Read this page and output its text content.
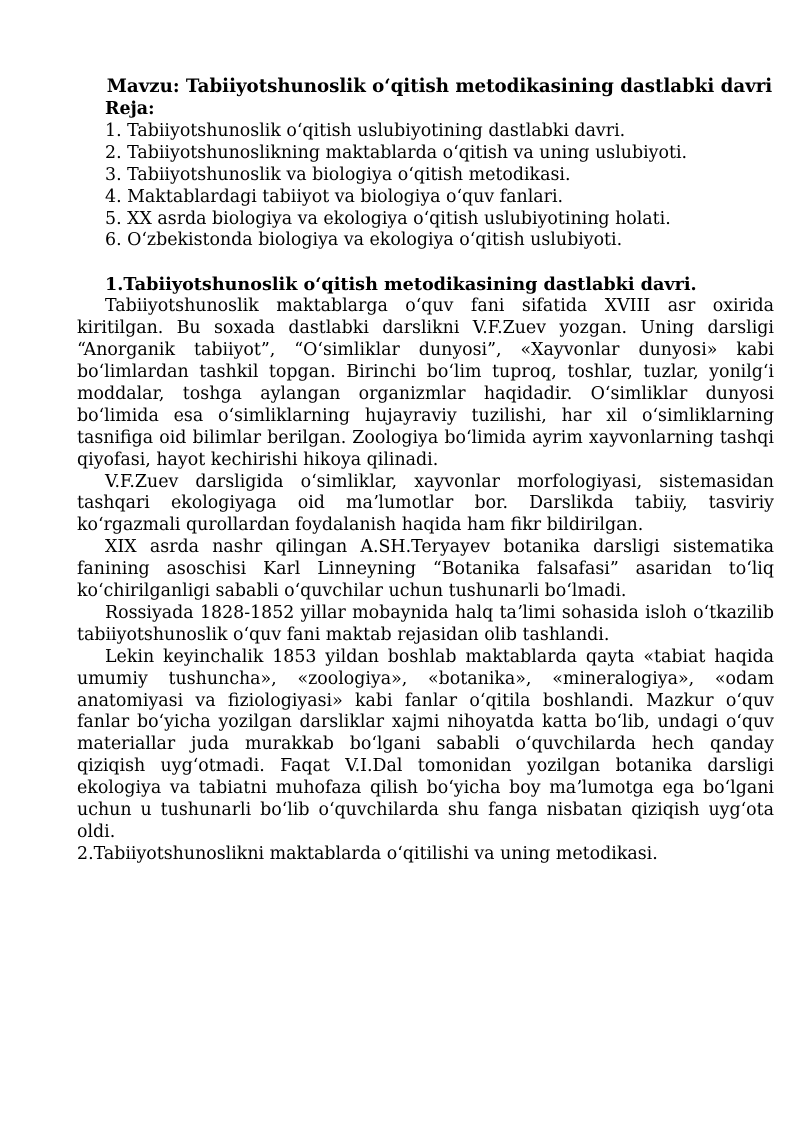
Mavzu: Tabiiyotshunoslik oʻqitish metodikasining dastlabki davri
Reja:
1. Tabiiyotshunoslik oʻqitish uslubiyotining dastlabki davri.
2. Tabiiyotshunoslikning maktablarda oʻqitish va uning uslubiyoti.
3. Tabiiyotshunoslik va biologiya oʻqitish metodikasi.
4. Maktablardagi tabiiyot va biologiya oʻquv fanlari.
5. XX asrda biologiya va ekologiya oʻqitish uslubiyotining holati.
6. Oʻzbekistonda biologiya va ekologiya oʻqitish uslubiyoti.
1.Tabiiyotshunoslik oʻqitish metodikasining dastlabki davri.

Tabiiyotshunoslik maktablarga oʻquv fani sifatida XVIII asr oxirida kiritilgan. Bu soxada dastlabki darslikni V.F.Zuev yozgan. Uning darsligi “Anorganik tabiiyot”, “Oʻsimliklar dunyosi”, «Xayvonlar dunyosi» kabi boʻlimlardan tashkil topgan. Birinchi boʻlim tuproq, toshlar, tuzlar, yonilgʻi moddalar, toshga aylangan organizmlar haqidadir. Oʻsimliklar dunyosi boʻlimida esa oʻsimliklarning hujayraviy tuzilishi, har xil oʻsimliklarning tasnifiga oid bilimlar berilgan. Zoologiya boʻlimida ayrim xayvonlarning tashqi qiyofasi, hayot kechirishi hikoya qilinadi.

V.F.Zuev darsligida oʻsimliklar, xayvonlar morfologiyasi, sistemasidan tashqari ekologiyaga oid maʼlumotlar bor. Darslikda tabiiy, tasviriy koʻrgazmali qurollardan foydalanish haqida ham fikr bildirilgan.

XIX asrda nashr qilingan A.SH.Teryayev botanika darsligi sistematika fanining asoschisi Karl Linneyning “Botanika falsafasi” asaridan toʻliq koʻchirilganligi sababli oʻquvchilar uchun tushunarli boʻlmadi.

Rossiyada 1828-1852 yillar mobaynida halq taʼlimi sohasida isloh oʻtkazilib tabiiyotshunoslik oʻquv fani maktab rejasidan olib tashlandi.

Lekin keyinchalik 1853 yildan boshlab maktablarda qayta «tabiat haqida umumiy tushuncha», «zoologiya», «botanika», «mineralogiya», «odam anatomiyasi va fiziologiyasi» kabi fanlar oʻqitila boshlandi. Mazkur oʻquv fanlar boʻyicha yozilgan darsliklar xajmi nihoyatda katta boʻlib, undagi oʻquv materiallar juda murakkab boʻlgani sababli oʻquvchilarda hech qanday qiziqish uygʻotmadi. Faqat V.I.Dal tomonidan yozilgan botanika darsligi ekologiya va tabiatni muhofaza qilish boʻyicha boy maʼlumotga ega boʻlgani uchun u tushunarli boʻlib oʻquvchilarda shu fanga nisbatan qiziqish uygʻota oldi.

2.Tabiiyotshunoslikni maktablarda oʻqitilishi va uning metodikasi.
